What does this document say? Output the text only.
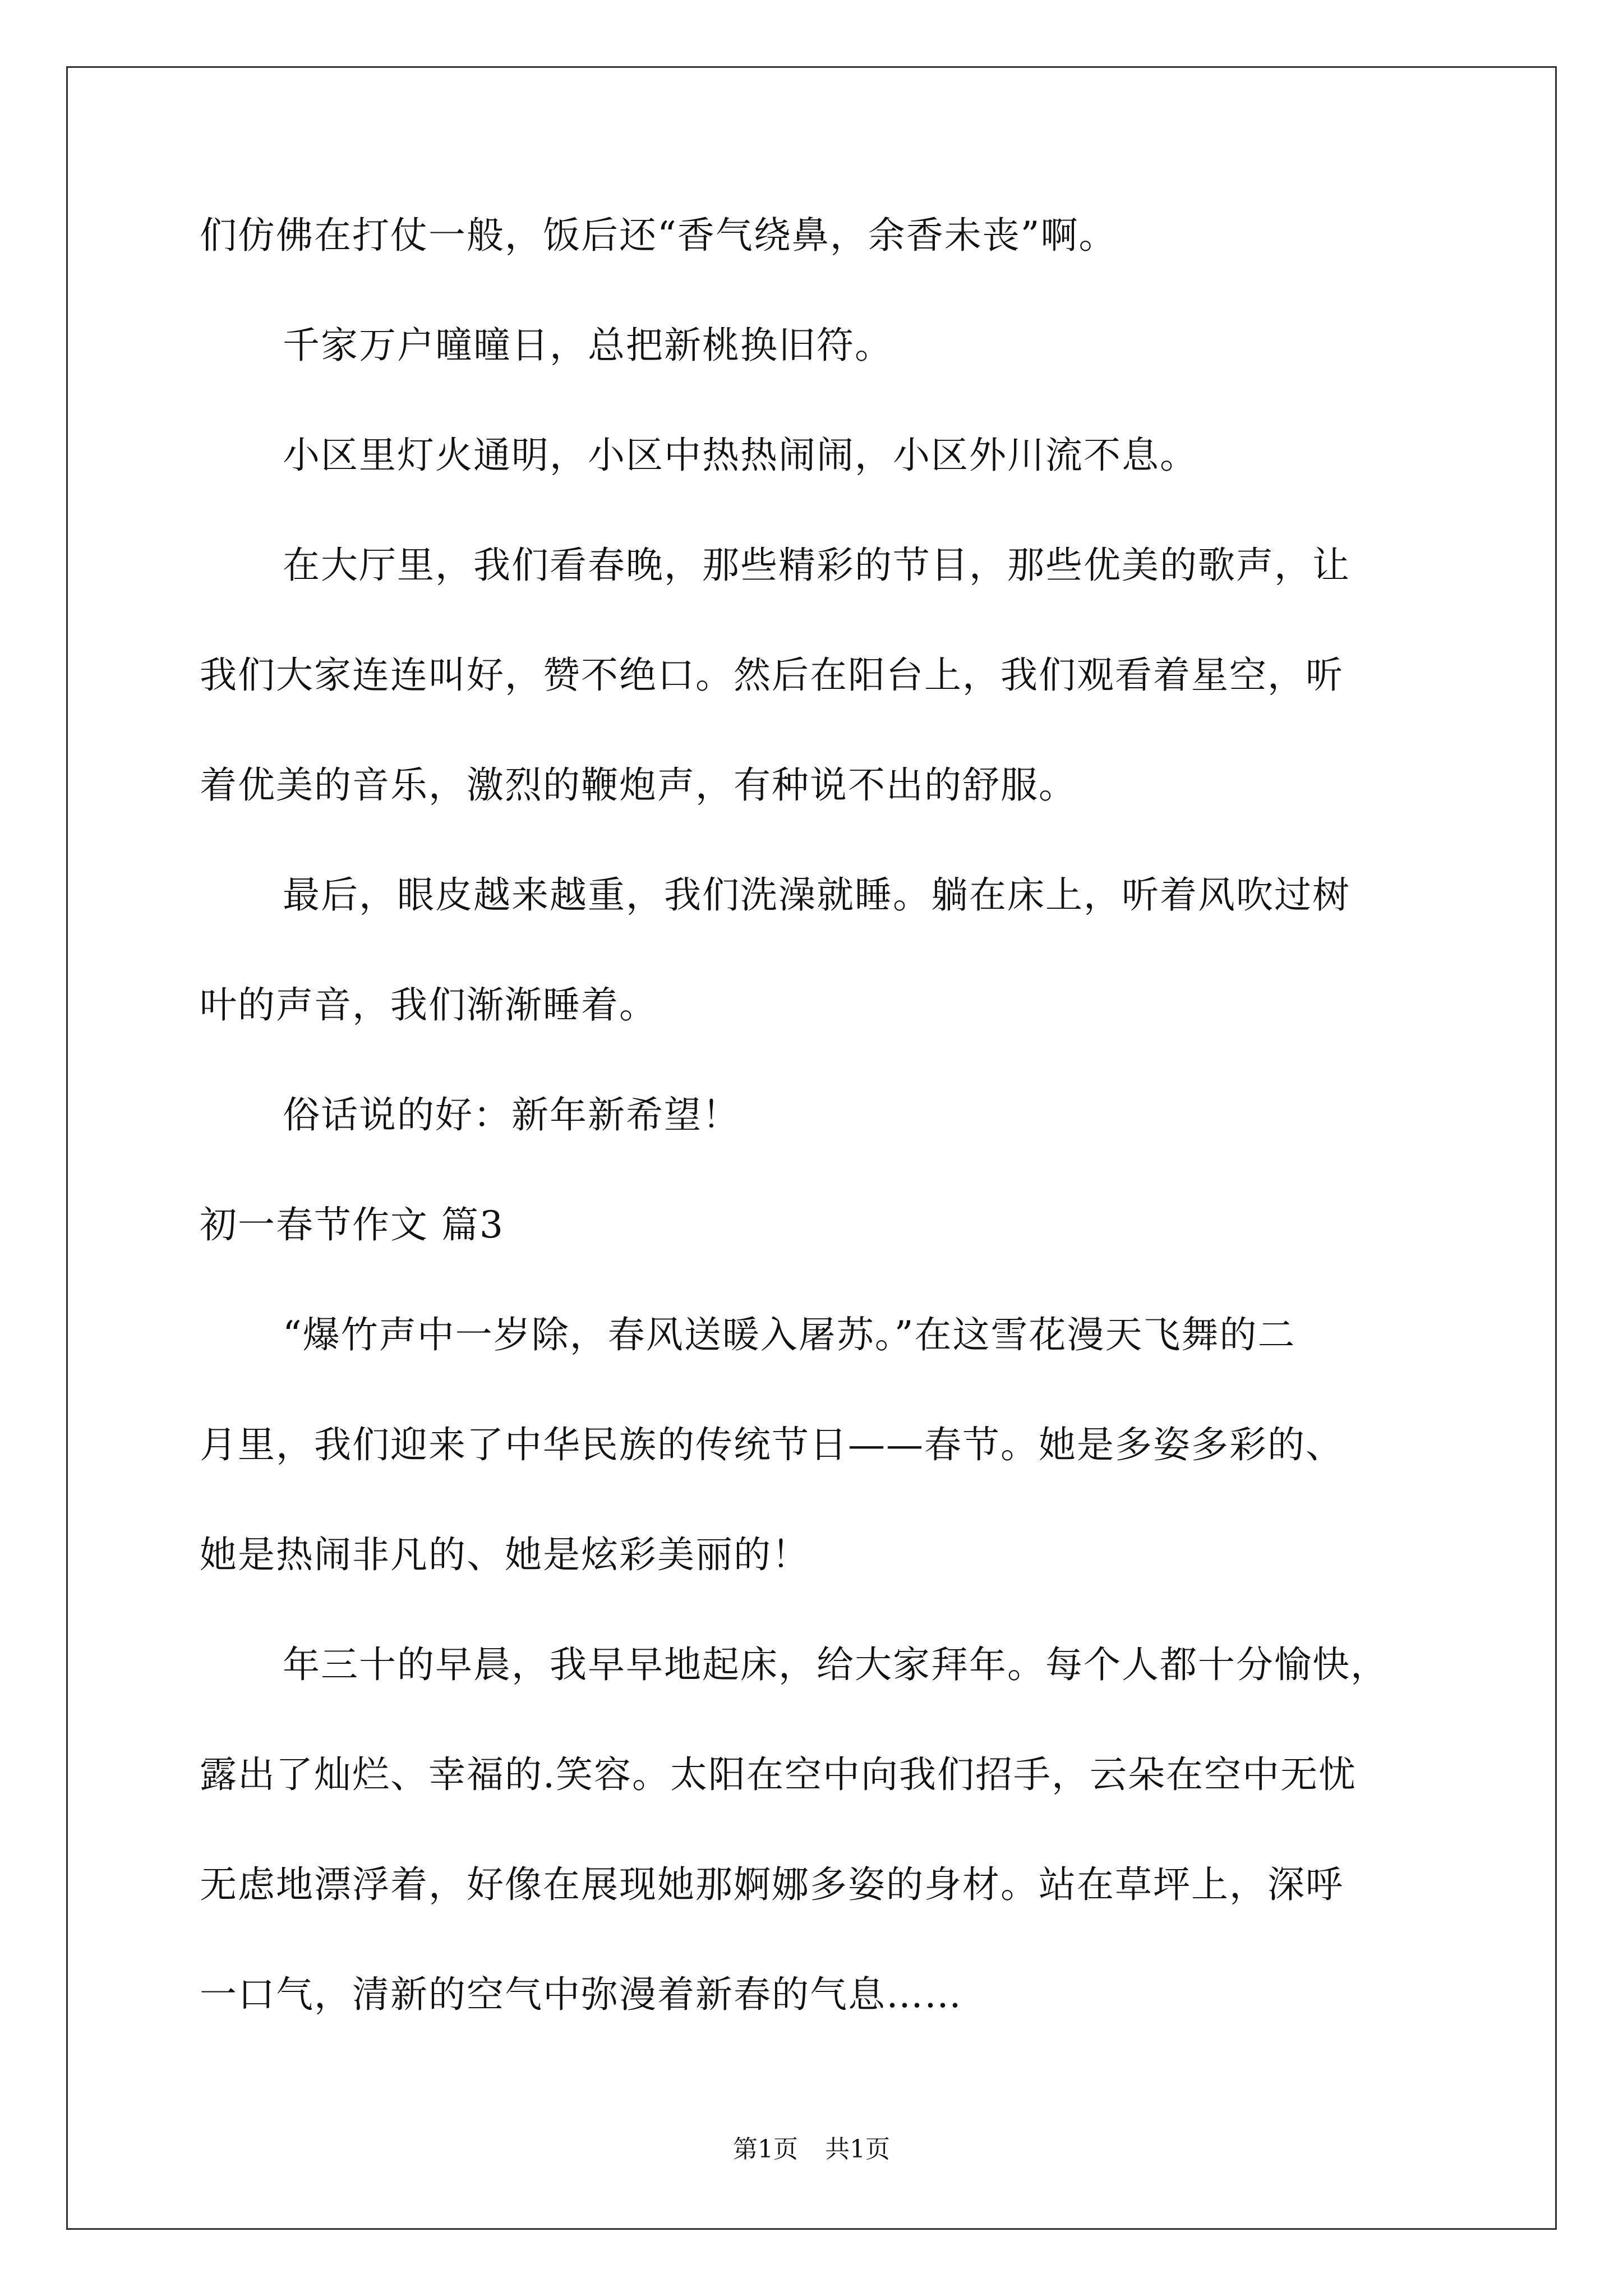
们仿佛在打仗一般，饭后还“香气绕鼻，余香未丧”啊。
千家万户曈曈日，总把新桃换旧符。
小区里灯火通明，小区中热热闹闹，小区外川流不息。
在大厅里，我们看春晚，那些精彩的节目，那些优美的歌声，让
我们大家连连叫好，赞不绝口。然后在阳台上，我们观看着星空，听
着优美的音乐，激烈的鞭炮声，有种说不出的舒服。
最后，眼皮越来越重，我们洗澡就睡。躺在床上，听着风吹过树
叶的声音，我们渐渐睡着。
俗话说的好：新年新希望！
初一春节作文 篇3
“爆竹声中一岁除，春风送暖入屠苏。”在这雪花漫天飞舞的二
月里，我们迎来了中华民族的传统节日——春节。她是多姿多彩的、
她是热闹非凡的、她是炫彩美丽的！
年三十的早晨，我早早地起床，给大家拜年。每个人都十分愉快，
露出了灿烂、幸福的.笑容。太阳在空中向我们招手，云朵在空中无忧
无虑地漂浮着，好像在展现她那婀娜多姿的身材。站在草坪上，深呼
一口气，清新的空气中弥漫着新春的气息……
第1页 共1页
